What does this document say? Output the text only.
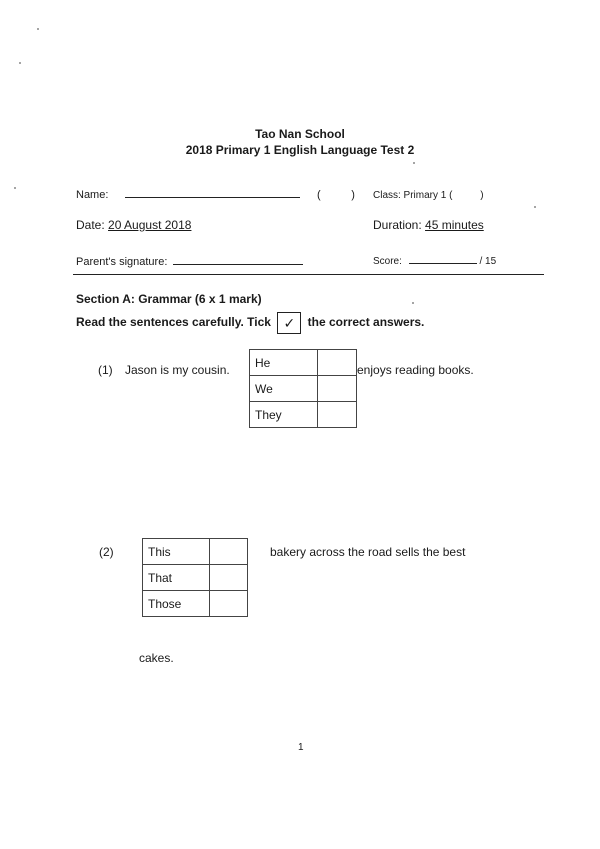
Tao Nan School
2018 Primary 1 English Language Test 2
Name:	(          ) Class: Primary 1 (          )
Date: 20 August 2018	Duration: 45 minutes
Parent's signature:	Score:	/ 15
Section A: Grammar (6 x 1 mark)
Read the sentences carefully. Tick ✓ the correct answers.
(1) Jason is my cousin.
He	
We	
They	
enjoys reading books.
(2)	This	
That	
Those	
bakery across the road sells the best
cakes.
1
